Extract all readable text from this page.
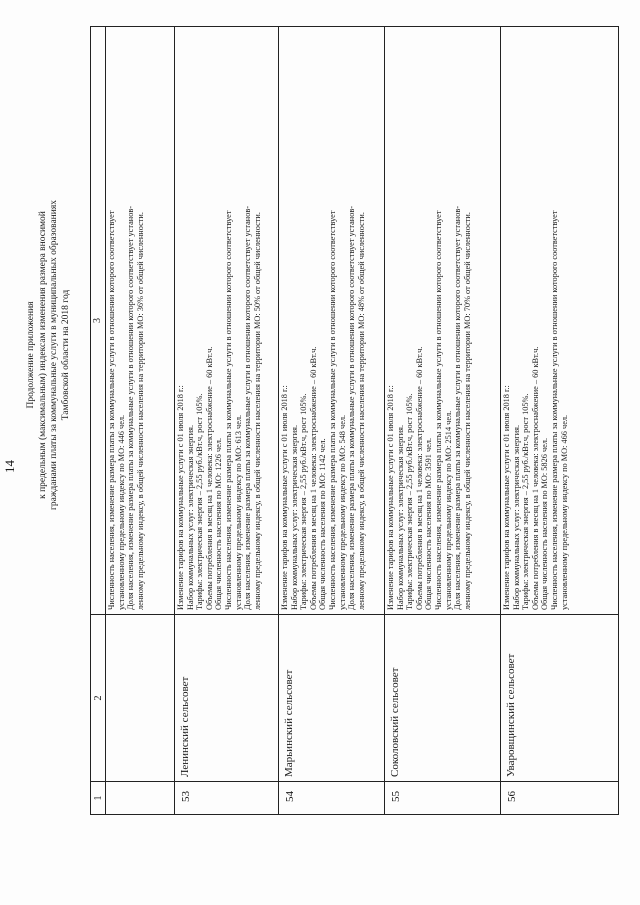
14
Продолжение приложения к предельным (максимальным) индексам изменения размера вносимой гражданами платы за коммунальные услуги в муниципальных образованиях Тамбовской области на 2018 год
1
2
3 Численность населения, изменение размера платы за коммунальные услуги в отношении которого соответствует установленному предельному индексу по МО: 446 чел. Доля населения, изменение размера платы за коммунальные услуги в отношении которого соответствует установ- ленному предельному индексу, в общей численности населения на территории МО: 36% от общей численности.
53
Ленинский сельсовет
Изменение тарифов на коммунальные услуги с 01 июля 2018 г.: Набор коммунальных услуг: электрическая энергия. Тарифы: электрическая энергия – 2,55 руб./кВт.ч, рост 105%. Объемы потребления в месяц на 1 человека: электроснабжение – 60 кВт.ч. Общая численность населения по МО: 1226 чел. Численность населения, изменение размера платы за коммунальные услуги в отношении которого соответствует установленному предельному индексу по МО: 613 чел. Доля населения, изменение размера платы за коммунальные услуги в отношении которого соответствует установ- ленному предельному индексу, в общей численности населения на территории МО: 50% от общей численности.
54
Марьинский сельсовет
Изменение тарифов на коммунальные услуги с 01 июля 2018 г.: Набор коммунальных услуг: электрическая энергия. Тарифы: электрическая энергия – 2,55 руб./кВт.ч, рост 105%. Объемы потребления в месяц на 1 человека: электроснабжение – 60 кВт.ч. Общая численность населения по МО: 1142 чел. Численность населения, изменение размера платы за коммунальные услуги в отношении которого соответствует установленному предельному индексу по МО: 548 чел. Доля населения, изменение размера платы за коммунальные услуги в отношении которого соответствует установ- ленному предельному индексу, в общей численности населения на территории МО: 48% от общей численности.
55
Соколовский сельсовет
Изменение тарифов на коммунальные услуги с 01 июля 2018 г.: Набор коммунальных услуг: электрическая энергия. Тарифы: электрическая энергия – 2,55 руб./кВт.ч, рост 105%. Объемы потребления в месяц на 1 человека: электроснабжение – 60 кВт.ч. Общая численность населения по МО: 3591 чел. Численность населения, изменение размера платы за коммунальные услуги в отношении которого соответствует установленному предельному индексу по МО: 2514 чел. Доля населения, изменение размера платы за коммунальные услуги в отношении которого соответствует установ- ленному предельному индексу, в общей численности населения на территории МО: 70% от общей численности.
56
Уваровщинский сельсовет
Изменение тарифов на коммунальные услуги с 01 июля 2018 г.: Набор коммунальных услуг: электрическая энергия. Тарифы: электрическая энергия – 2,55 руб./кВт.ч, рост 105%. Объемы потребления в месяц на 1 человека: электроснабжение – 60 кВт.ч. Общая численность населения по МО: 5826 чел. Численность населения, изменение размера платы за коммунальные услуги в отношении которого соответствует установленному предельному индексу по МО: 466 чел.
